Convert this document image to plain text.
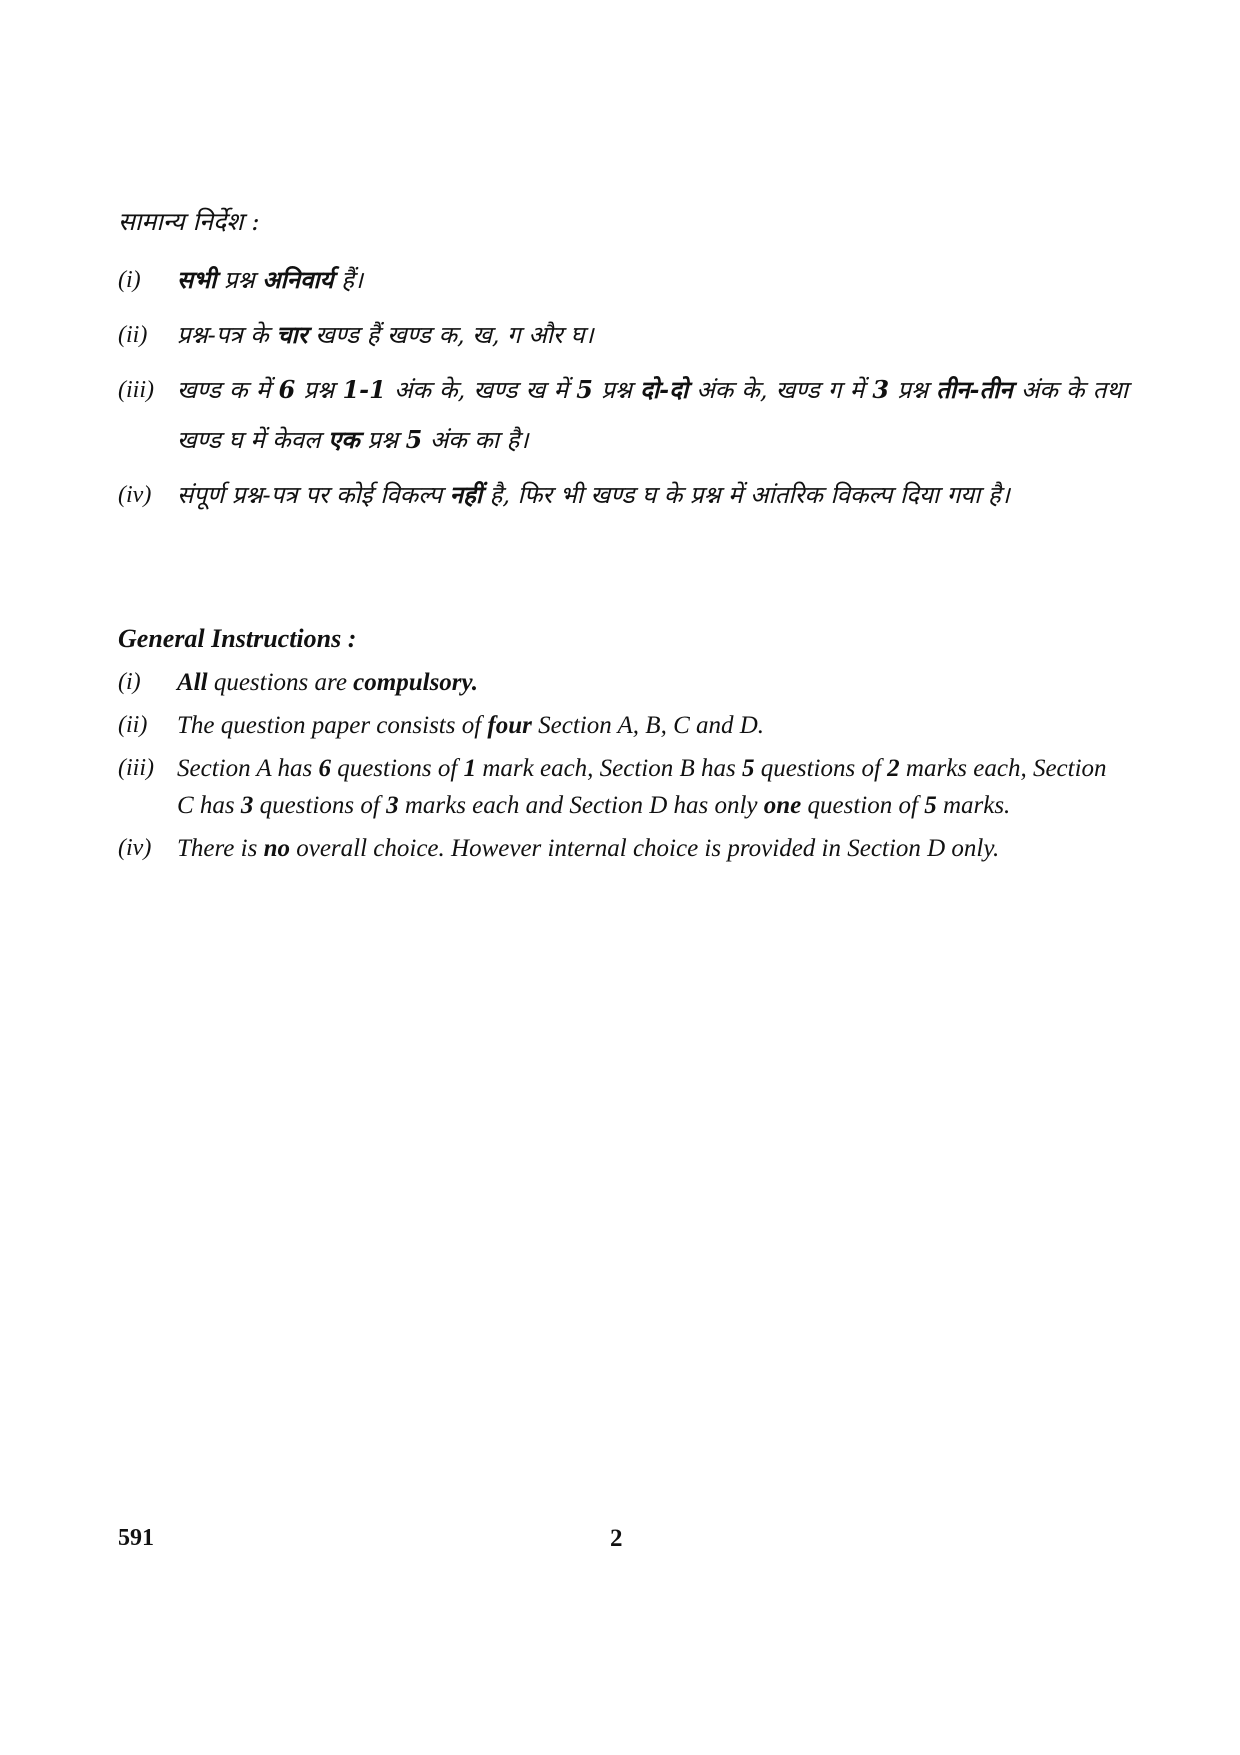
सामान्य निर्देश :
(i)	सभी प्रश्न अनिवार्य हैं।
(ii)	प्रश्न-पत्र के चार खण्ड हैं खण्ड क, ख, ग और घ।
(iii) खण्ड क में 6 प्रश्न 1-1 अंक के, खण्ड ख में 5 प्रश्न दो-दो अंक के, खण्ड ग में 3 प्रश्न तीन-तीन अंक के तथा खण्ड घ में केवल एक प्रश्न 5 अंक का है।
(iv)	संपूर्ण प्रश्न-पत्र पर कोई विकल्प नहीं है, फिर भी खण्ड घ के प्रश्न में आंतरिक विकल्प दिया गया है।
General Instructions :
(i)	All questions are compulsory.
(ii)	The question paper consists of four Section A, B, C and D.
(iii) Section A has 6 questions of 1 mark each, Section B has 5 questions of 2 marks each, Section C has 3 questions of 3 marks each and Section D has only one question of 5 marks.
(iv)	There is no overall choice. However internal choice is provided in Section D only.
591	2
